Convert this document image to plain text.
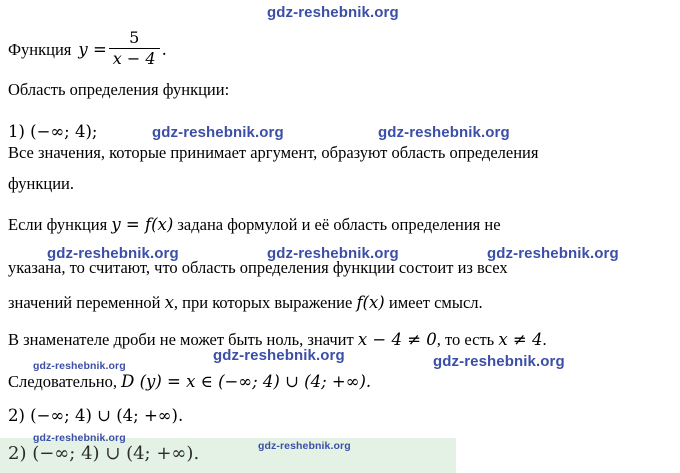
Функция $y = \frac{5}{x - 4}$ .
Область определения функции:
1) (−∞; 4);
Все значения, которые принимает аргумент, образуют область определения
функции.
Если функция y = f(x) задана формулой и её область определения не
указана, то считают, что область определения функции состоит из всех
значений переменной x, при которых выражение f(x) имеет смысл.
В знаменателе дроби не может быть ноль, значит x − 4 ≠ 0, то есть x ≠ 4.
Следовательно, D (y) = x ∈ (−∞; 4) ∪ (4; +∞).
2) (−∞; 4) ∪ (4; +∞).
2) (−∞; 4) ∪ (4; +∞).
gdz-reshebnik.org
gdz-reshebnik.org	gdz-reshebnik.org
gdz-reshebnik.org	gdz-reshebnik.org	gdz-reshebnik.org
gdz-reshebnik.org
gdz-reshebnik.org	gdz-reshebnik.org
gdz-reshebnik.org
gdz-reshebnik.org
